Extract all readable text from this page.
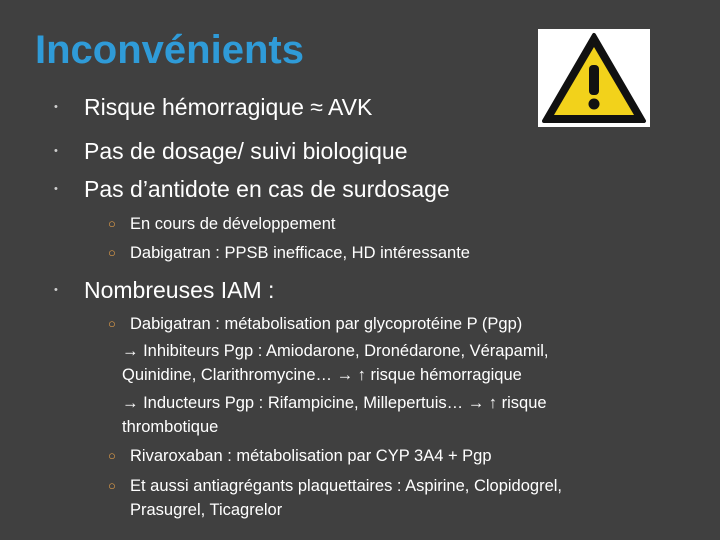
Inconvénients
• Risque hémorragique ≈ AVK
• Pas de dosage/ suivi biologique
• Pas d’antidote en cas de surdosage
○ En cours de développement
○ Dabigatran : PPSB inefficace, HD intéressante
• Nombreuses IAM :
○ Dabigatran : métabolisation par glycoprotéine P (Pgp)
→ Inhibiteurs Pgp : Amiodarone, Dronédarone, Vérapamil,
Quinidine, Clarithromycine… → ↑ risque hémorragique
→ Inducteurs Pgp : Rifampicine, Millepertuis… → ↑ risque
thrombotique
○ Rivaroxaban : métabolisation par CYP 3A4 + Pgp
○ Et aussi antiagrégants plaquettaires : Aspirine, Clopidogrel,
Prasugrel, Ticagrelor
